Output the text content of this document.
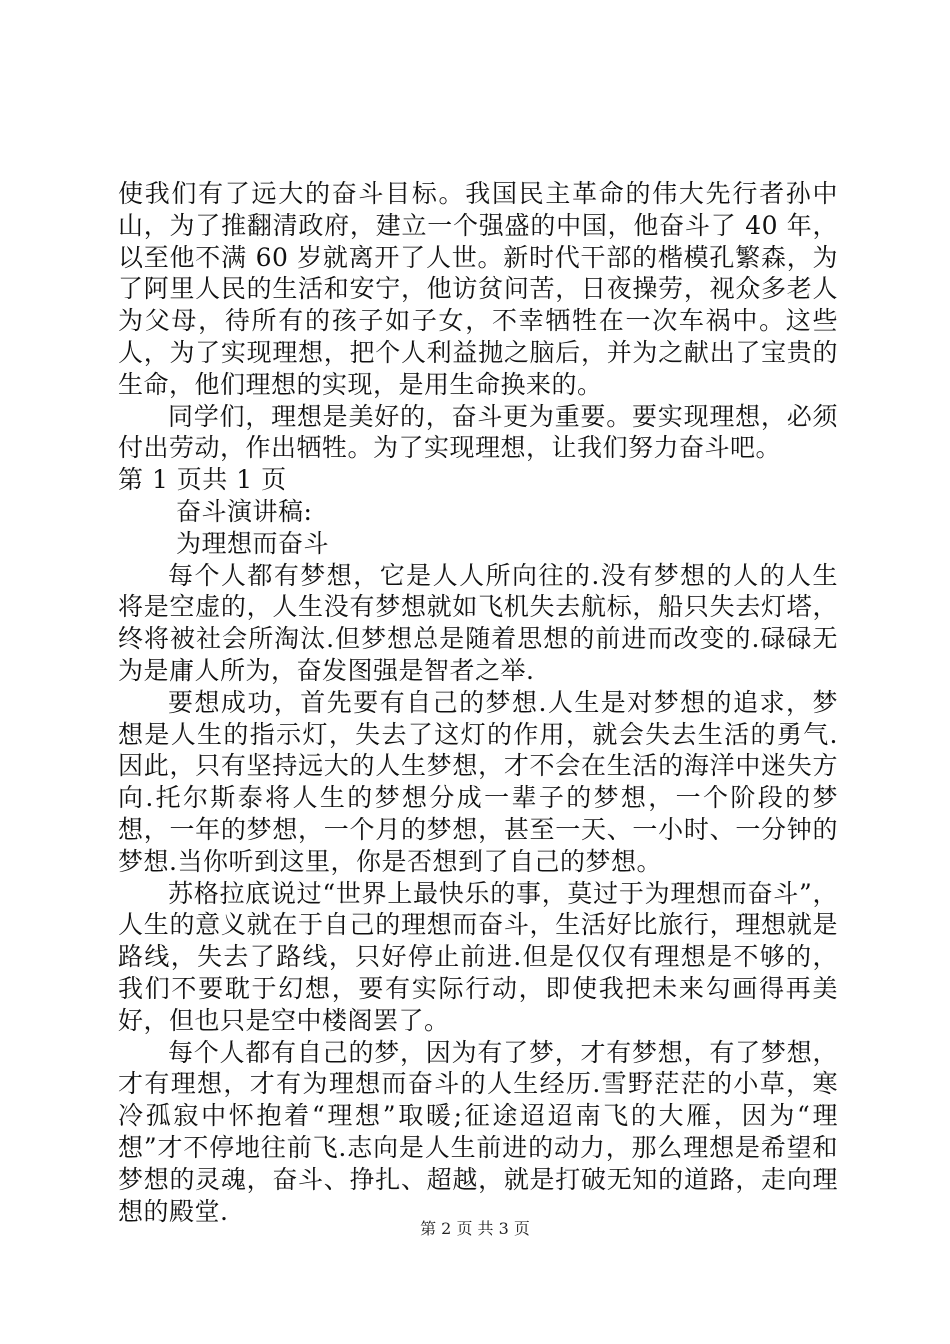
使我们有了远大的奋斗目标。我国民主革命的伟大先行者孙中山，为了推翻清政府，建立一个强盛的中国，他奋斗了 40 年，以至他不满 60 岁就离开了人世。新时代干部的楷模孔繁森，为了阿里人民的生活和安宁，他访贫问苦，日夜操劳，视众多老人为父母，待所有的孩子如子女，不幸牺牲在一次车祸中。这些人，为了实现理想，把个人利益抛之脑后，并为之献出了宝贵的生命，他们理想的实现，是用生命换来的。

同学们，理想是美好的，奋斗更为重要。要实现理想，必须付出劳动，作出牺牲。为了实现理想，让我们努力奋斗吧。

第 1 页共 1 页

奋斗演讲稿:

为理想而奋斗

每个人都有梦想，它是人人所向往的.没有梦想的人的人生将是空虚的，人生没有梦想就如飞机失去航标，船只失去灯塔，终将被社会所淘汰.但梦想总是随着思想的前进而改变的.碌碌无为是庸人所为，奋发图强是智者之举.

要想成功，首先要有自己的梦想.人生是对梦想的追求，梦想是人生的指示灯，失去了这灯的作用，就会失去生活的勇气.因此，只有坚持远大的人生梦想，才不会在生活的海洋中迷失方向.托尔斯泰将人生的梦想分成一辈子的梦想，一个阶段的梦想，一年的梦想，一个月的梦想，甚至一天、一小时、一分钟的梦想.当你听到这里，你是否想到了自己的梦想。

苏格拉底说过“世界上最快乐的事，莫过于为理想而奋斗”，人生的意义就在于自己的理想而奋斗，生活好比旅行，理想就是路线，失去了路线，只好停止前进.但是仅仅有理想是不够的，我们不要耽于幻想，要有实际行动，即使我把未来勾画得再美好，但也只是空中楼阁罢了。

每个人都有自己的梦，因为有了梦，才有梦想，有了梦想，才有理想，才有为理想而奋斗的人生经历.雪野茫茫的小草，寒冷孤寂中怀抱着“理想”取暖;征途迢迢南飞的大雁，因为“理想”才不停地往前飞.志向是人生前进的动力，那么理想是希望和梦想的灵魂，奋斗、挣扎、超越，就是打破无知的道路，走向理想的殿堂.

第 2 页 共 3 页
